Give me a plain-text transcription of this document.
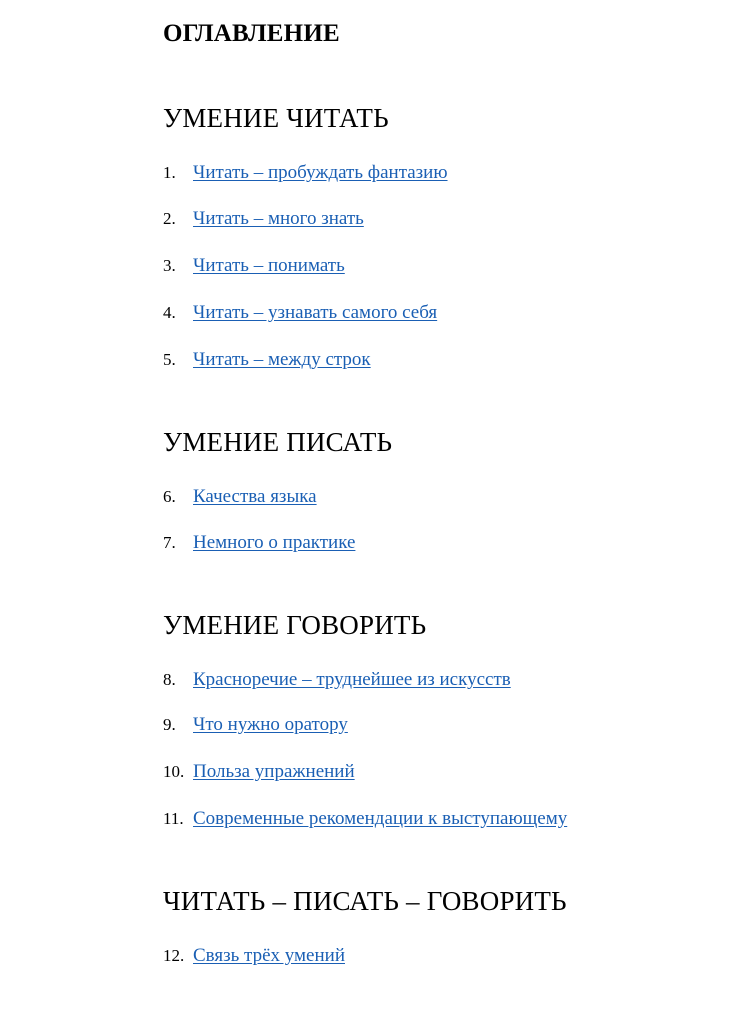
ОГЛАВЛЕНИЕ
УМЕНИЕ ЧИТАТЬ
1. Читать – пробуждать фантазию
2. Читать – много знать
3. Читать – понимать
4. Читать – узнавать самого себя
5. Читать – между строк
УМЕНИЕ ПИСАТЬ
6. Качества языка
7. Немного о практике
УМЕНИЕ ГОВОРИТЬ
8. Красноречие – труднейшее из искусств
9. Что нужно оратору
10. Польза упражнений
11. Современные рекомендации к выступающему
ЧИТАТЬ – ПИСАТЬ – ГОВОРИТЬ
12. Связь трёх умений
